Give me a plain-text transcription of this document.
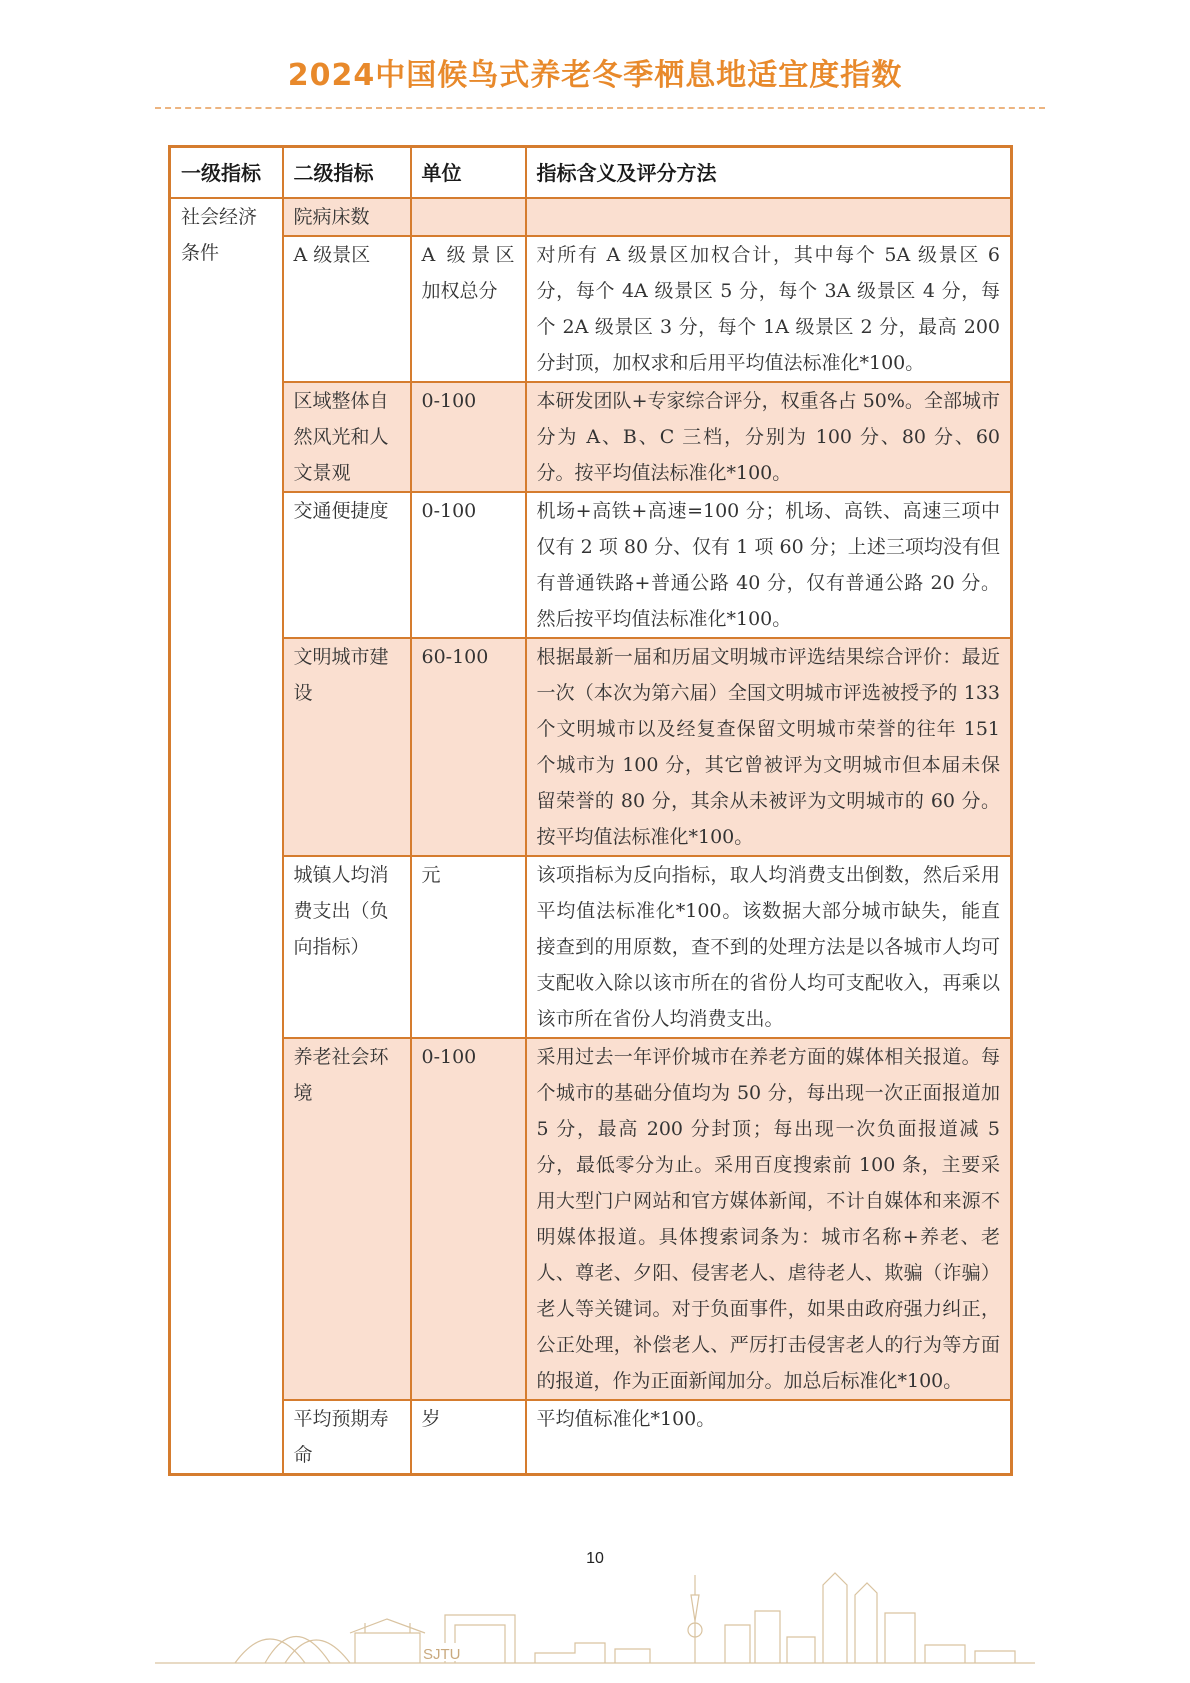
2024中国候鸟式养老冬季栖息地适宜度指数
一级指标	二级指标	单位	指标含义及评分方法
社会经济条件	院病床数		
	A 级景区	A 级景区加权总分	对所有 A 级景区加权合计，其中每个 5A 级景区 6 分，每个 4A 级景区 5 分，每个 3A 级景区 4 分，每个 2A 级景区 3 分，每个 1A 级景区 2 分，最高 200 分封顶，加权求和后用平均值法标准化*100。
	区域整体自然风光和人文景观	0-100	本研发团队+专家综合评分，权重各占 50%。全部城市分为 A、B、C 三档，分别为 100 分、80 分、60 分。按平均值法标准化*100。
	交通便捷度	0-100	机场+高铁+高速=100 分；机场、高铁、高速三项中仅有 2 项 80 分、仅有 1 项 60 分；上述三项均没有但有普通铁路+普通公路 40 分，仅有普通公路 20 分。然后按平均值法标准化*100。
	文明城市建设	60-100	根据最新一届和历届文明城市评选结果综合评价：最近一次（本次为第六届）全国文明城市评选被授予的 133 个文明城市以及经复查保留文明城市荣誉的往年 151 个城市为 100 分，其它曾被评为文明城市但本届未保留荣誉的 80 分，其余从未被评为文明城市的 60 分。按平均值法标准化*100。
	城镇人均消费支出（负向指标）	元	该项指标为反向指标，取人均消费支出倒数，然后采用平均值法标准化*100。该数据大部分城市缺失，能直接查到的用原数，查不到的处理方法是以各城市人均可支配收入除以该市所在的省份人均可支配收入，再乘以该市所在省份人均消费支出。
	养老社会环境	0-100	采用过去一年评价城市在养老方面的媒体相关报道。每个城市的基础分值均为 50 分，每出现一次正面报道加 5 分，最高 200 分封顶；每出现一次负面报道减 5 分，最低零分为止。采用百度搜索前 100 条，主要采用大型门户网站和官方媒体新闻，不计自媒体和来源不明媒体报道。具体搜索词条为：城市名称+养老、老人、尊老、夕阳、侵害老人、虐待老人、欺骗（诈骗）老人等关键词。对于负面事件，如果由政府强力纠正，公正处理，补偿老人、严厉打击侵害老人的行为等方面的报道，作为正面新闻加分。加总后标准化*100。
	平均预期寿命	岁	平均值标准化*100。
10
SJTU
